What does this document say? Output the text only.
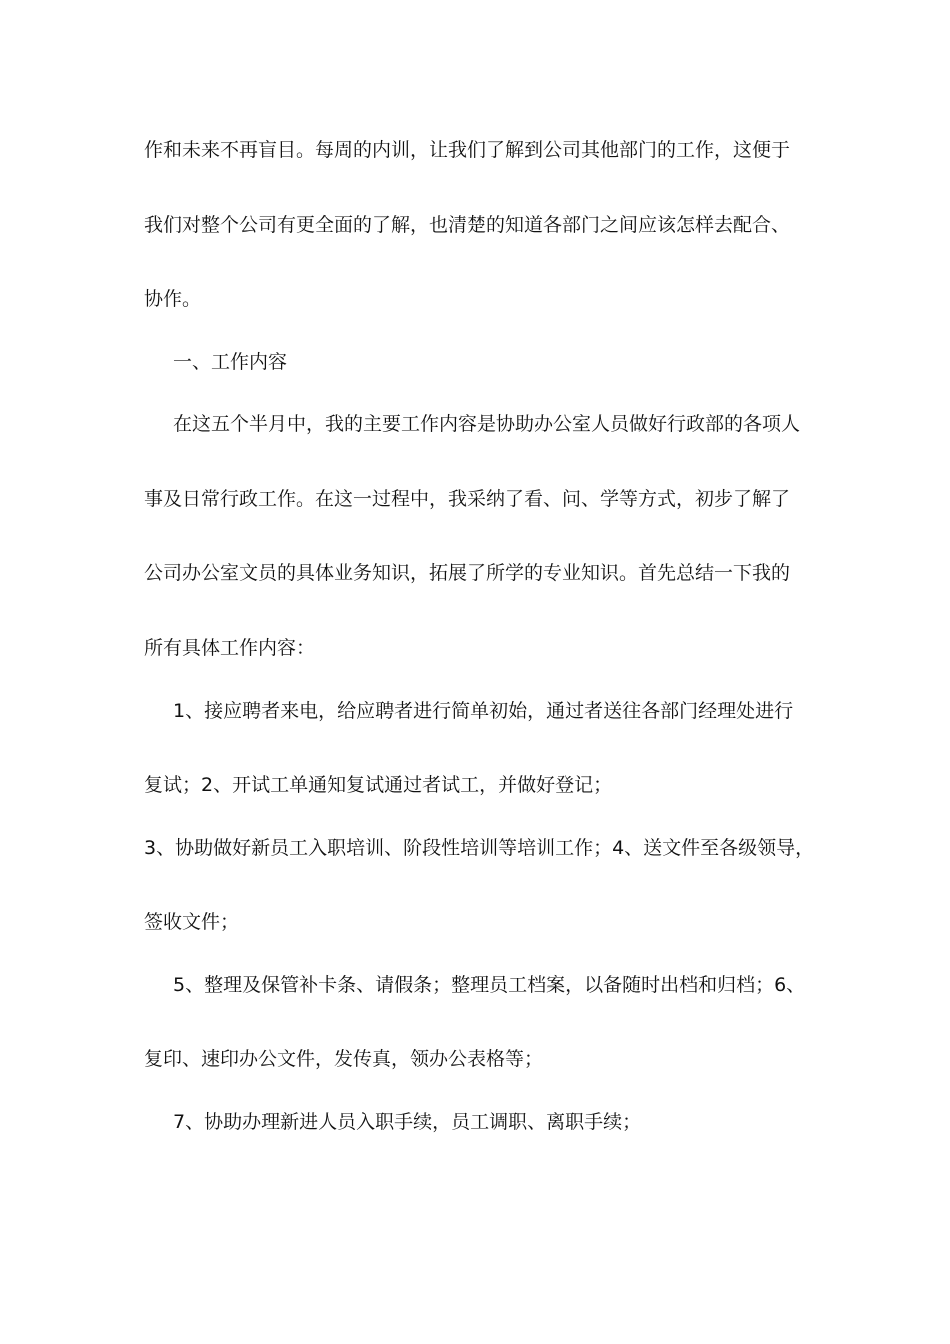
作和未来不再盲目。每周的内训，让我们了解到公司其他部门的工作，这便于
我们对整个公司有更全面的了解，也清楚的知道各部门之间应该怎样去配合、
协作。
一、工作内容
在这五个半月中，我的主要工作内容是协助办公室人员做好行政部的各项人
事及日常行政工作。在这一过程中，我采纳了看、问、学等方式，初步了解了
公司办公室文员的具体业务知识，拓展了所学的专业知识。首先总结一下我的
所有具体工作内容：
1、接应聘者来电，给应聘者进行简单初始，通过者送往各部门经理处进行
复试；2、开试工单通知复试通过者试工，并做好登记；
3、协助做好新员工入职培训、阶段性培训等培训工作；4、送文件至各级领导，
签收文件；
5、整理及保管补卡条、请假条；整理员工档案，以备随时出档和归档；6、
复印、速印办公文件，发传真，领办公表格等；
7、协助办理新进人员入职手续，员工调职、离职手续；
